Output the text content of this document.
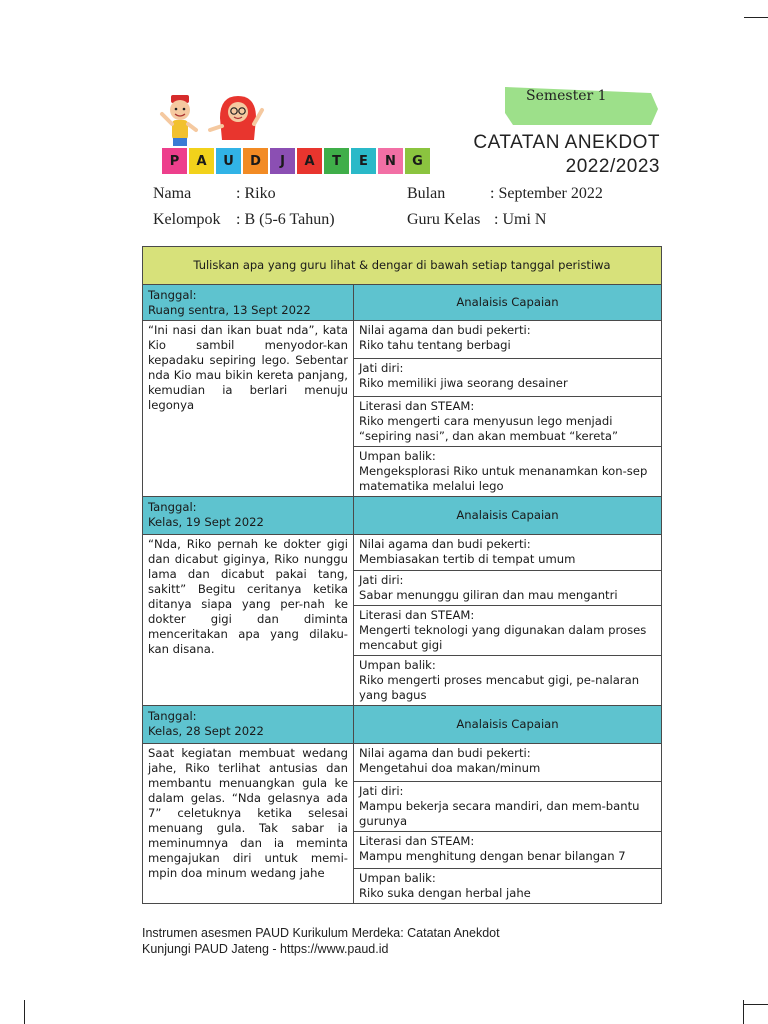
Semester 1
P	A	U	D	J	A	T	E	N	G
CATATAN ANEKDOT
2022/2023
Nama	: Riko	Bulan	: September 2022
Kelompok : B (5-6 Tahun)	Guru Kelas : Umi N
Tuliskan apa yang guru lihat & dengar di bawah setiap tanggal peristiwa	

Tanggal:
Ruang sentra, 13 Sept 2022	Analaisis Capaian
“Ini nasi dan ikan buat nda”, kata Kio sambil menyodor-kan kepadaku sepiring lego. Sebentar nda Kio mau bikin kereta panjang, kemudian ia berlari menuju legonya	Nilai agama dan budi pekerti:
Riko tahu tentang berbagi

	Jati diri:
Riko memiliki jiwa seorang desainer

	Literasi dan STEAM:
Riko mengerti cara menyusun lego menjadi “sepiring nasi”, dan akan membuat “kereta”

	Umpan balik:
Mengeksplorasi Riko untuk menanamkan kon-sep matematika melalui lego

Tanggal:
Kelas, 19 Sept 2022	Analaisis Capaian
“Nda, Riko pernah ke dokter gigi dan dicabut giginya, Riko nunggu lama dan dicabut pakai tang, sakitt” Begitu ceritanya ketika ditanya siapa yang per-nah ke dokter gigi dan diminta menceritakan apa yang dilaku-kan disana.	Nilai agama dan budi pekerti:
Membiasakan tertib di tempat umum

	Jati diri:
Sabar menunggu giliran dan mau mengantri

	Literasi dan STEAM:
Mengerti teknologi yang digunakan dalam proses mencabut gigi

	Umpan balik:
Riko mengerti proses mencabut gigi, pe-nalaran yang bagus

Tanggal:
Kelas, 28 Sept 2022	Analaisis Capaian
Saat kegiatan membuat wedang jahe, Riko terlihat antusias dan membantu menuangkan gula ke dalam gelas. “Nda gelasnya ada 7” celetuknya ketika selesai menuang gula. Tak sabar ia meminumnya dan ia meminta mengajukan diri untuk memi-mpin doa minum wedang jahe	Nilai agama dan budi pekerti:
Mengetahui doa makan/minum

	Jati diri:
Mampu bekerja secara mandiri, dan mem-bantu gurunya

	Literasi dan STEAM:
Mampu menghitung dengan benar bilangan 7

	Umpan balik:
Riko suka dengan herbal jahe
Instrumen asesmen PAUD Kurikulum Merdeka: Catatan Anekdot
Kunjungi PAUD Jateng - https://www.paud.id
